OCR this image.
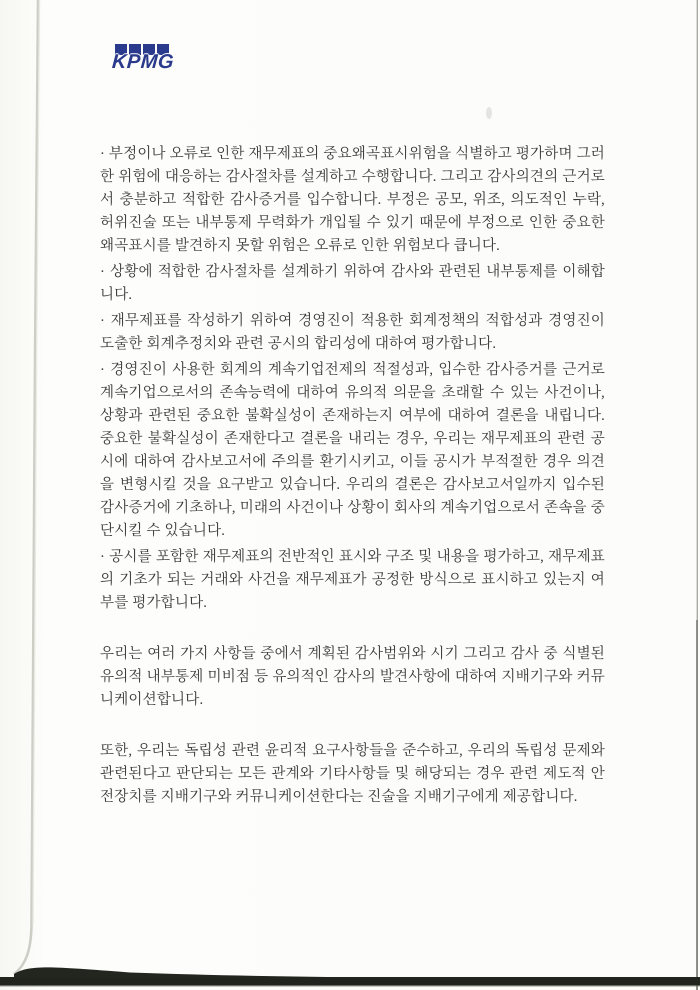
KPMG

· 부정이나 오류로 인한 재무제표의 중요왜곡표시위험을 식별하고 평가하며 그러한 위험에 대응하는 감사절차를 설계하고 수행합니다. 그리고 감사의견의 근거로서 충분하고 적합한 감사증거를 입수합니다. 부정은 공모, 위조, 의도적인 누락, 허위진술 또는 내부통제 무력화가 개입될 수 있기 때문에 부정으로 인한 중요한 왜곡표시를 발견하지 못할 위험은 오류로 인한 위험보다 큽니다.

· 상황에 적합한 감사절차를 설계하기 위하여 감사와 관련된 내부통제를 이해합니다.

· 재무제표를 작성하기 위하여 경영진이 적용한 회계정책의 적합성과 경영진이 도출한 회계추정치와 관련 공시의 합리성에 대하여 평가합니다.

· 경영진이 사용한 회계의 계속기업전제의 적절성과, 입수한 감사증거를 근거로 계속기업으로서의 존속능력에 대하여 유의적 의문을 초래할 수 있는 사건이나, 상황과 관련된 중요한 불확실성이 존재하는지 여부에 대하여 결론을 내립니다. 중요한 불확실성이 존재한다고 결론을 내리는 경우, 우리는 재무제표의 관련 공시에 대하여 감사보고서에 주의를 환기시키고, 이들 공시가 부적절한 경우 의견을 변형시킬 것을 요구받고 있습니다. 우리의 결론은 감사보고서일까지 입수된 감사증거에 기초하나, 미래의 사건이나 상황이 회사의 계속기업으로서 존속을 중단시킬 수 있습니다.

· 공시를 포함한 재무제표의 전반적인 표시와 구조 및 내용을 평가하고, 재무제표의 기초가 되는 거래와 사건을 재무제표가 공정한 방식으로 표시하고 있는지 여부를 평가합니다.

우리는 여러 가지 사항들 중에서 계획된 감사범위와 시기 그리고 감사 중 식별된 유의적 내부통제 미비점 등 유의적인 감사의 발견사항에 대하여 지배기구와 커뮤니케이션합니다.

또한, 우리는 독립성 관련 윤리적 요구사항들을 준수하고, 우리의 독립성 문제와 관련된다고 판단되는 모든 관계와 기타사항들 및 해당되는 경우 관련 제도적 안전장치를 지배기구와 커뮤니케이션한다는 진술을 지배기구에게 제공합니다.
